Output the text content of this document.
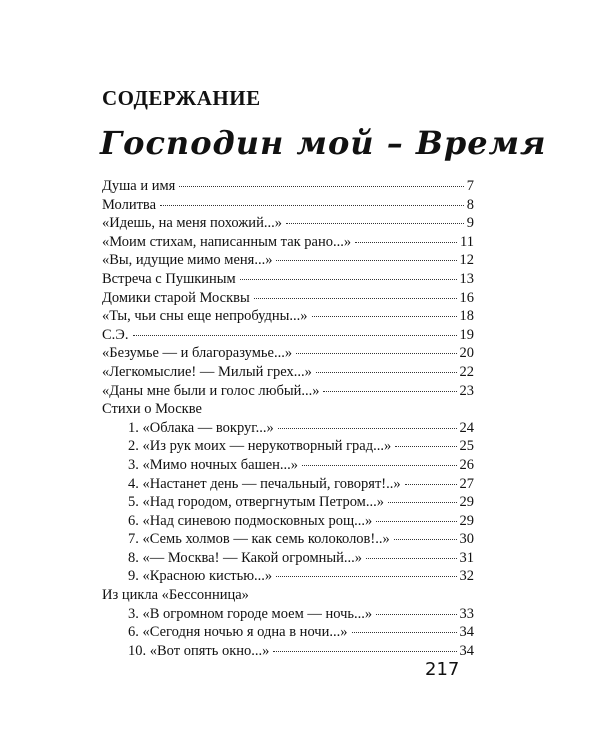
СОДЕРЖАНИЕ
Господин мой – Время
Душа и имя	7
Молитва	8
«Идешь, на меня похожий...»	9
«Моим стихам, написанным так рано...»	11
«Вы, идущие мимо меня...»	12
Встреча с Пушкиным	13
Домики старой Москвы	16
«Ты, чьи сны еще непробудны...»	18
С.Э.	19
«Безумье — и благоразумье...»	20
«Легкомыслие! — Милый грех...»	22
«Даны мне были и голос любый...»	23
Стихи о Москве
1. «Облака — вокруг...»	24
2. «Из рук моих — нерукотворный град...»	25
3. «Мимо ночных башен...»	26
4. «Настанет день — печальный, говорят!..»	27
5. «Над городом, отвергнутым Петром...»	29
6. «Над синевою подмосковных рощ...»	29
7. «Семь холмов — как семь колоколов!..»	30
8. «— Москва! — Какой огромный...»	31
9. «Красною кистью...»	32
Из цикла «Бессонница»
3. «В огромном городе моем — ночь...»	33
6. «Сегодня ночью я одна в ночи...»	34
10. «Вот опять окно...»	34
217
